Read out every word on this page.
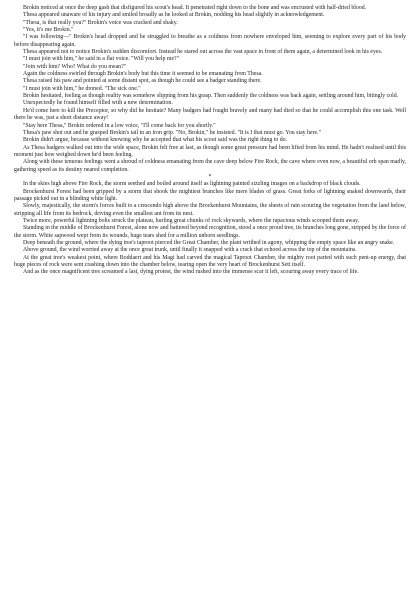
Brokin noticed at once the deep gash that disfigured his scout's head. It penetrated right down to the bone and was encrusted with half-dried blood.

Thesa appeared unaware of his injury and smiled broadly as he looked at Brokin, nodding his head slightly in acknowledgement.

"Thesa, is that really you?" Brokin's voice was cracked and shaky.

"Yes, it's me Brokin."

"I was following—" Brokin's head dropped and he struggled to breathe as a coldness from nowhere enveloped him, seeming to explore every part of his body before disappearing again.

Thesa appeared not to notice Brokin's sudden discomfort. Instead he stared out across the vast space in front of them again, a determined look in his eyes.

"I must join with him," he said in a flat voice. "Will you help me?"

"Join with him? Who? What do you mean?"

Again the coldness swirled through Brokin's body but this time it seemed to be emanating from Thesa.

Thesa raised his paw and pointed at some distant spot, as though he could see a badger standing there.

"I must join with him," he droned. "The sick one."

Brokin hesitated, feeling as though reality was somehow slipping from his grasp. Then suddenly the coldness was back again, settling around him, bitingly cold.

Unexpectedly he found himself filled with a new determination.

He'd come here to kill the Preceptor, so why did he hesitate? Many badgers had fought bravely and many had died so that he could accomplish this one task. Well there he was, just a short distance away!

"Stay here Thesa," Brokin ordered in a low voice, "I'll come back for you shortly."

Thesa's paw shot out and he grasped Brokin's tail in an iron grip. "No, Brokin," he insisted. "It is I that must go. You stay here."

Brokin didn't argue, because without knowing why he accepted that what his scout said was the right thing to do.

As Thesa badgers walked out into the wide space, Brokin felt free at last, as though some great pressure had been lifted from his mind. He hadn't realised until this moment just how weighed down he'd been feeling.

Along with these tenuous feelings went a shroud of coldness emanating from the cave deep below Fire Rock, the cave where even now, a beautiful orb span madly, gathering speed as its destiny neared completion.

*

In the skies high above Fire Rock, the storm seethed and boiled around itself as lightning painted sizzling images on a backdrop of black clouds.

Brockenhurst Forest had been gripped by a storm that shook the mightiest branches like mere blades of grass. Great forks of lightning snaked downwards, their passage picked out in a blinding white light.

Slowly, majestically, the storm's forces built to a crescendo high above the Brockenhurst Mountains, the sheets of rain scouring the vegetation from the land below, stripping all life from its bedrock, driving even the smallest ant from its nest.

Twice more, powerful lightning bolts struck the plateau, hurling great chunks of rock skywards, where the rapacious winds scooped them away.

Standing in the middle of Brockenhurst Forest, alone now and battered beyond recognition, stood a once proud tree, its branches long gone, stripped by the force of the storm. White sapwood wept from its wounds, huge tears shed for a million unborn seedlings.

Deep beneath the ground, where the dying tree's taproot pierced the Great Chamber, the plant writhed in agony, whipping the empty space like an angry snake.

Above ground, the wind worried away at the once great trunk, until finally it snapped with a crack that echoed across the top of the mountains.

At the great tree's weakest point, where Boddaert and his Magi had carved the magical Taproot Chamber, the mighty root parted with such pent-up energy, that huge pieces of rock were sent crashing down into the chamber below, tearing open the very heart of Brockenhurst Sett itself.

And as the once magnificent tree screamed a last, dying protest, the wind rushed into the immense scar it left, scouring away every trace of life.
